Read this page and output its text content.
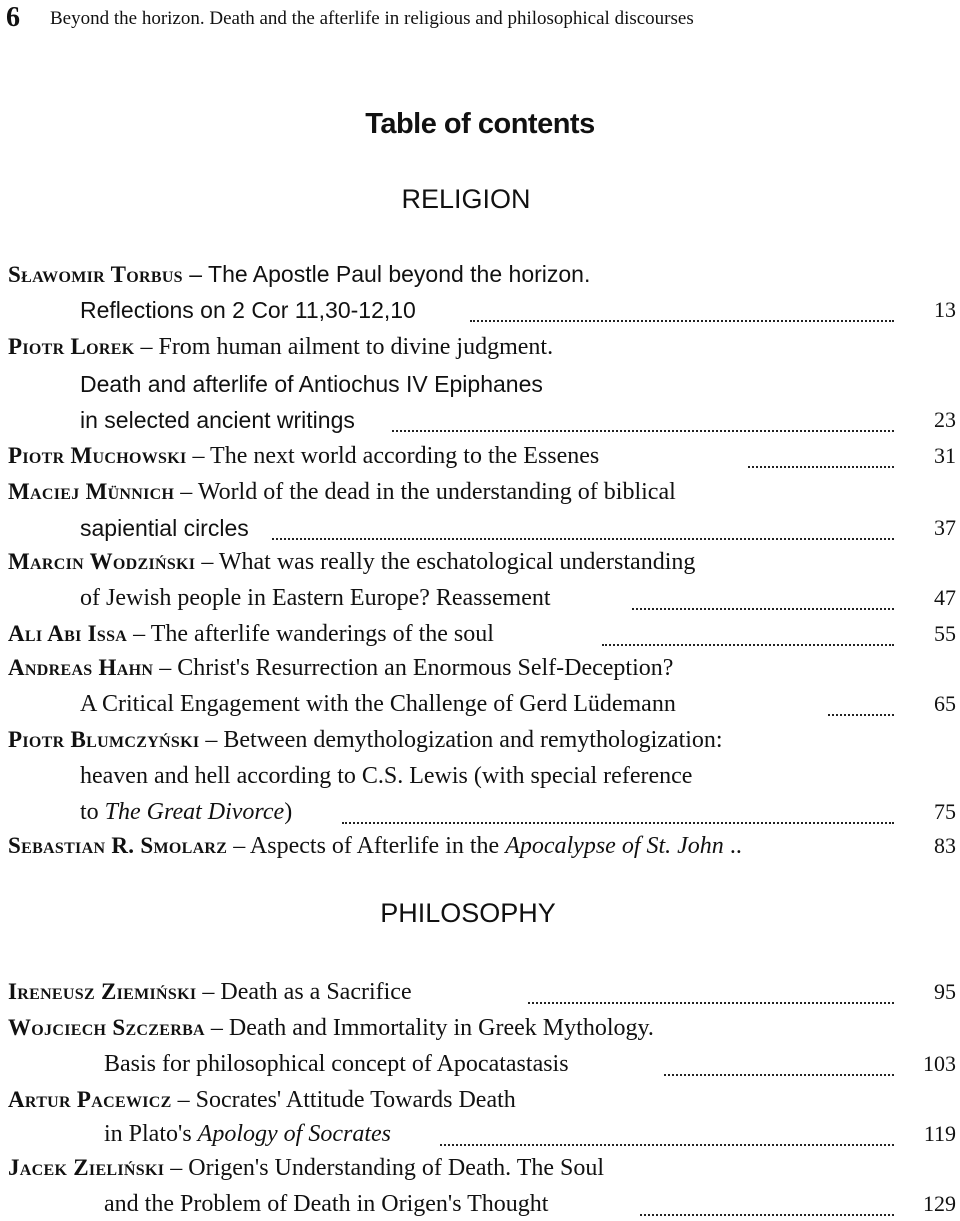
6 Beyond the horizon. Death and the afterlife in religious and philosophical discourses
Table of contents
RELIGION
Sławomir Torbus – The Apostle Paul beyond the horizon.
Reflections on 2 Cor 11,30-12,10	13
Piotr Lorek – From human ailment to divine judgment.
Death and afterlife of Antiochus IV Epiphanes
in selected ancient writings	23
Piotr Muchowski – The next world according to the Essenes	31
Maciej Münnich – World of the dead in the understanding of biblical
sapiential circles	37
Marcin Wodziński – What was really the eschatological understanding
of Jewish people in Eastern Europe? Reassement	47
Ali Abi Issa – The afterlife wanderings of the soul	55
Andreas Hahn – Christ's Resurrection an Enormous Self-Deception?
A Critical Engagement with the Challenge of Gerd Lüdemann	65
Piotr Blumczyński – Between demythologization and remythologization:
heaven and hell according to C.S. Lewis (with special reference
to The Great Divorce)	75
Sebastian R. Smolarz – Aspects of Afterlife in the Apocalypse of St. John ..	83
PHILOSOPHY
Ireneusz Ziemiński – Death as a Sacrifice	95
Wojciech Szczerba – Death and Immortality in Greek Mythology.
Basis for philosophical concept of Apocatastasis	103
Artur Pacewicz – Socrates' Attitude Towards Death
in Plato's Apology of Socrates	119
Jacek Zieliński – Origen's Understanding of Death. The Soul
and the Problem of Death in Origen's Thought	129
